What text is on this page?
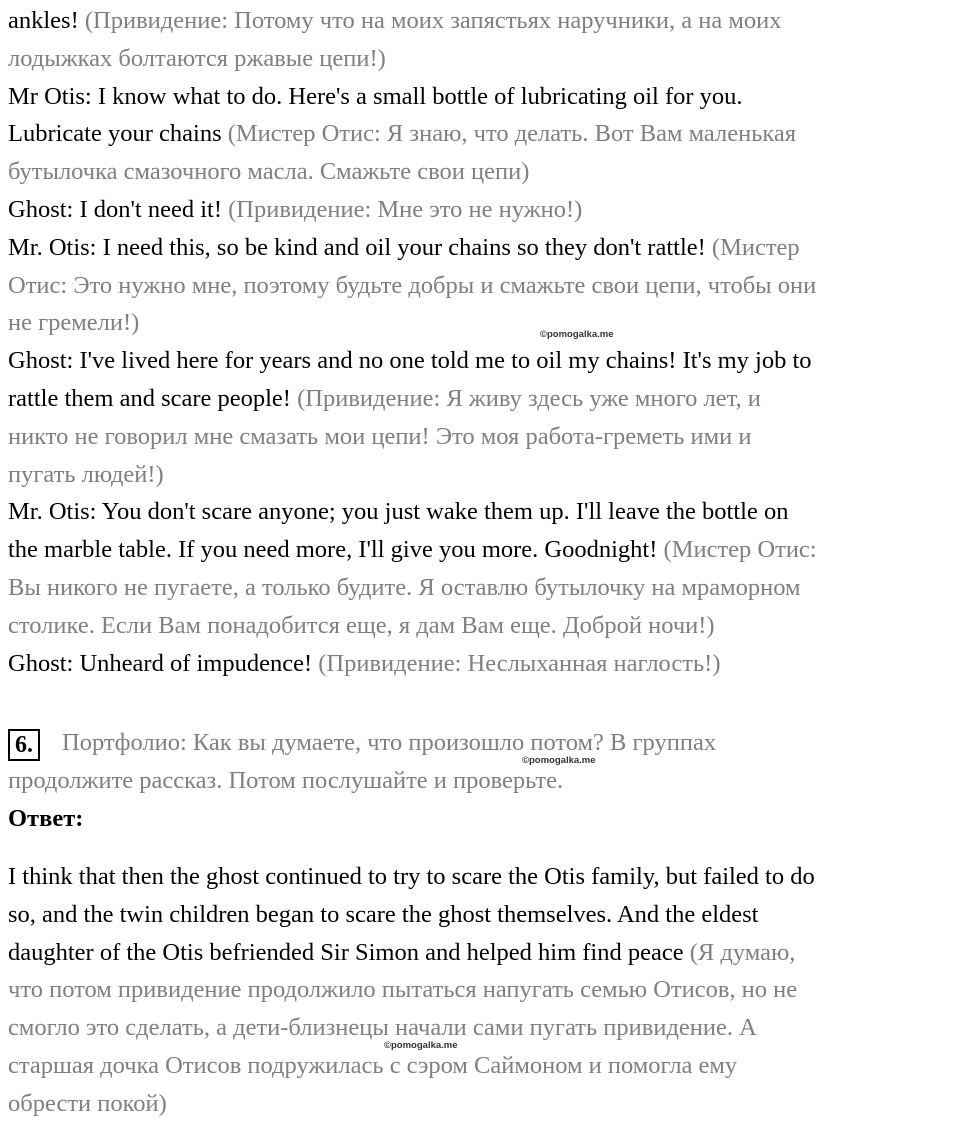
ankles! (Привидение: Потому что на моих запястьях наручники, а на моих
лодыжках болтаются ржавые цепи!)
Mr Otis: I know what to do. Here's a small bottle of lubricating oil for you.
Lubricate your chains (Мистер Отис: Я знаю, что делать. Вот Вам маленькая
бутылочка смазочного масла. Смажьте свои цепи)
Ghost: I don't need it! (Привидение: Мне это не нужно!)
Mr. Otis: I need this, so be kind and oil your chains so they don't rattle! (Мистер
Отис: Это нужно мне, поэтому будьте добры и смажьте свои цепи, чтобы они
не гремели!)
Ghost: I've lived here for years and no one told me to oil my chains! It's my job to
rattle them and scare people! (Привидение: Я живу здесь уже много лет, и
никто не говорил мне смазать мои цепи! Это моя работа-греметь ими и
пугать людей!)
Mr. Otis: You don't scare anyone; you just wake them up. I'll leave the bottle on
the marble table. If you need more, I'll give you more. Goodnight! (Мистер Отис:
Вы никого не пугаете, а только будите. Я оставлю бутылочку на мраморном
столике. Если Вам понадобится еще, я дам Вам еще. Доброй ночи!)
Ghost: Unheard of impudence! (Привидение: Неслыханная наглость!)
©pomogalka.me
6. Портфолио: Как вы думаете, что произошло потом? В группах
©pomogalka.me
продолжите рассказ. Потом послушайте и проверьте.
Ответ:
I think that then the ghost continued to try to scare the Otis family, but failed to do
so, and the twin children began to scare the ghost themselves. And the eldest
daughter of the Otis befriended Sir Simon and helped him find peace (Я думаю,
что потом привидение продолжило пытаться напугать семью Отисов, но не
смогло это сделать, а дети-близнецы начали сами пугать привидение. А
старшая дочка Отисов подружилась с сэром Саймоном и помогла ему
обрести покой)
©pomogalka.me
